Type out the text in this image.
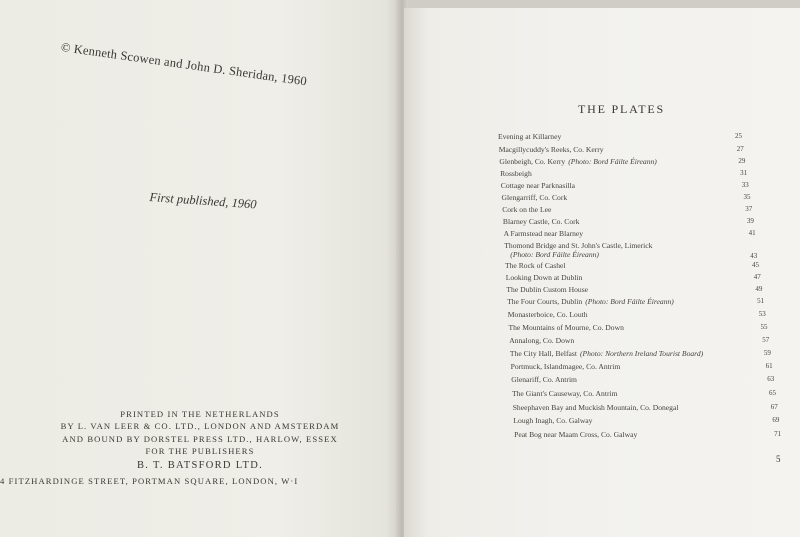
© Kenneth Scowen and John D. Sheridan, 1960
First published, 1960
PRINTED IN THE NETHERLANDS
BY L. VAN LEER & CO. LTD., LONDON AND AMSTERDAM
AND BOUND BY DORSTEL PRESS LTD., HARLOW, ESSEX
FOR THE PUBLISHERS
B. T. BATSFORD LTD.
4 FITZHARDINGE STREET, PORTMAN SQUARE, LONDON, W·I
THE PLATES
Evening at Killarney	25
Macgillycuddy's Reeks, Co. Kerry	27
Glenbeigh, Co. Kerry (Photo: Bord Fáilte Éireann)	29
Rossbeigh	31
Cottage near Parknasilla	33
Glengarriff, Co. Cork	35
Cork on the Lee	37
Blarney Castle, Co. Cork	39
A Farmstead near Blarney	41
Thomond Bridge and St. John's Castle, Limerick
(Photo: Bord Fáilte Éireann)	43
The Rock of Cashel	45
Looking Down at Dublin	47
The Dublin Custom House	49
The Four Courts, Dublin (Photo: Bord Fáilte Éireann)	51
Monasterboice, Co. Louth	53
The Mountains of Mourne, Co. Down	55
Annalong, Co. Down	57
The City Hall, Belfast (Photo: Northern Ireland Tourist Board)	59
Portmuck, Islandmagee, Co. Antrim	61
Glenariff, Co. Antrim	63
The Giant's Causeway, Co. Antrim	65
Sheephaven Bay and Muckish Mountain, Co. Donegal	67
Lough Inagh, Co. Galway	69
Peat Bog near Maam Cross, Co. Galway	71
5
